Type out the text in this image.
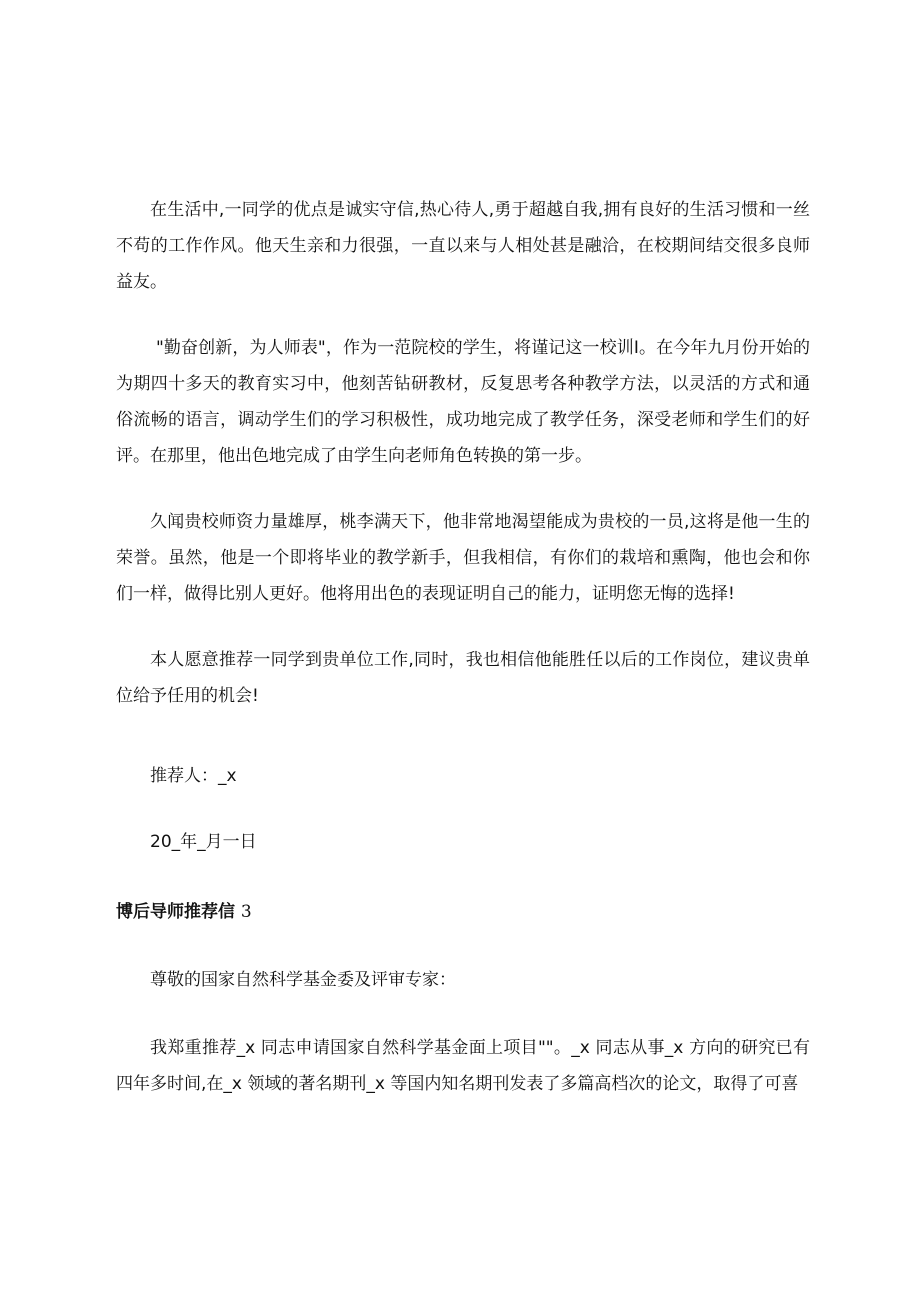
在生活中,一同学的优点是诚实守信,热心待人,勇于超越自我,拥有良好的生活习惯和一丝不苟的工作作风。他天生亲和力很强，一直以来与人相处甚是融洽，在校期间结交很多良师益友。

"勤奋创新，为人师表"，作为一范院校的学生，将谨记这一校训Ⅰ。在今年九月份开始的为期四十多天的教育实习中，他刻苦钻研教材，反复思考各种教学方法，以灵活的方式和通俗流畅的语言，调动学生们的学习积极性，成功地完成了教学任务，深受老师和学生们的好评。在那里，他出色地完成了由学生向老师角色转换的第一步。

久闻贵校师资力量雄厚，桃李满天下，他非常地渴望能成为贵校的一员,这将是他一生的荣誉。虽然，他是一个即将毕业的教学新手，但我相信，有你们的栽培和熏陶，他也会和你们一样，做得比别人更好。他将用出色的表现证明自己的能力，证明您无悔的选择!

本人愿意推荐一同学到贵单位工作,同时，我也相信他能胜任以后的工作岗位，建议贵单位给予任用的机会!

推荐人：_x

20_年_月一日

博后导师推荐信 3

尊敬的国家自然科学基金委及评审专家：

我郑重推荐_x 同志申请国家自然科学基金面上项目""。_x 同志从事_x 方向的研究已有四年多时间,在_x 领域的著名期刊_x 等国内知名期刊发表了多篇高档次的论文，取得了可喜
